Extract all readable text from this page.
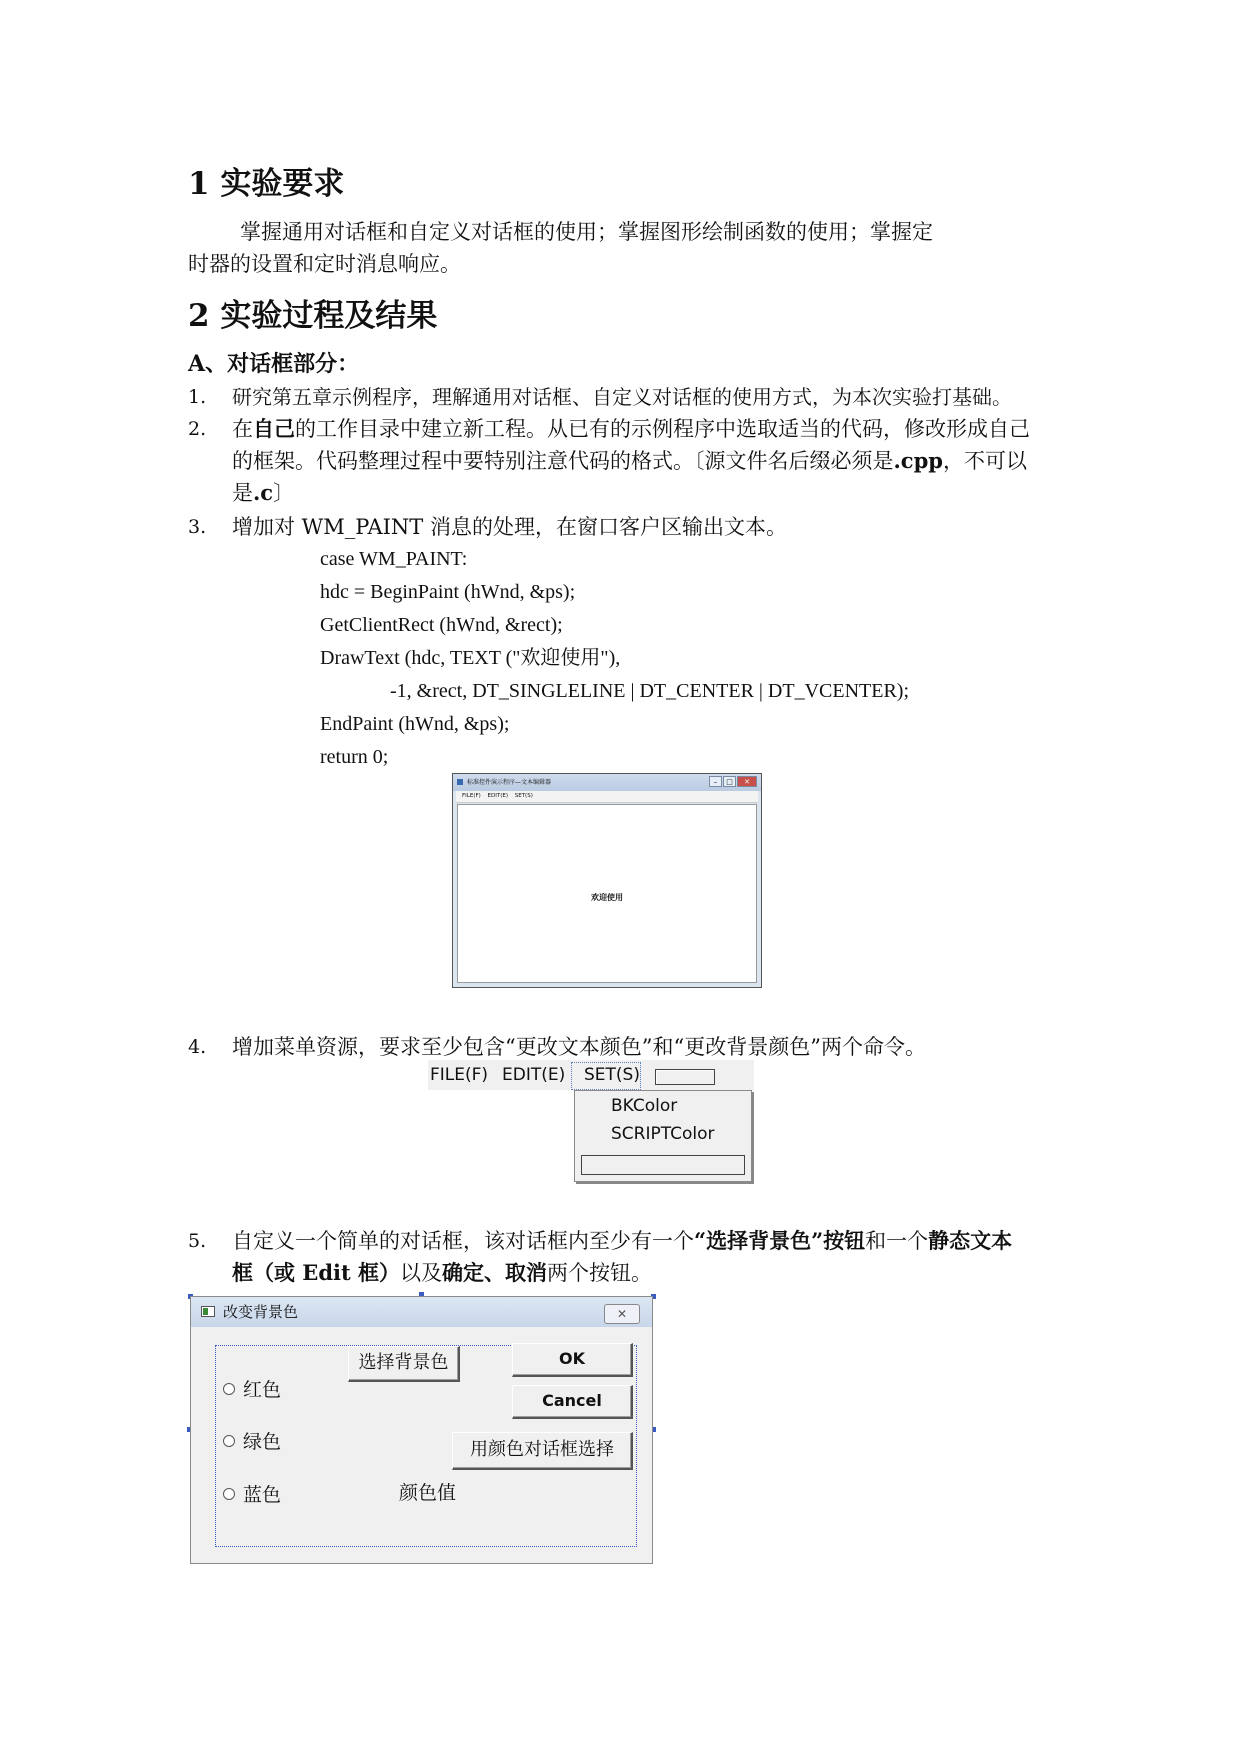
1 实验要求
掌握通用对话框和自定义对话框的使用；掌握图形绘制函数的使用；掌握定
时器的设置和定时消息响应。
2 实验过程及结果
A、对话框部分：
1. 研究第五章示例程序，理解通用对话框、自定义对话框的使用方式，为本次实验打基础。
2. 在自己的工作目录中建立新工程。从已有的示例程序中选取适当的代码，修改形成自己
的框架。代码整理过程中要特别注意代码的格式。〔源文件名后缀必须是.cpp，不可以
是.c〕
3. 增加对 WM_PAINT 消息的处理，在窗口客户区输出文本。
case WM_PAINT:
hdc = BeginPaint (hWnd, &ps);
GetClientRect (hWnd, &rect);
DrawText (hdc, TEXT ("欢迎使用"),
-1, &rect, DT_SINGLELINE | DT_CENTER | DT_VCENTER);
EndPaint (hWnd, &ps);
return 0;
标准控件演示程序—文本编辑器	–	□	✕
FILE(F) EDIT(E) SET(S)
欢迎使用
4. 增加菜单资源，要求至少包含“更改文本颜色”和“更改背景颜色”两个命令。
FILE(F) EDIT(E) SET(S)
BKColor
SCRIPTColor
5. 自定义一个简单的对话框，该对话框内至少有一个“选择背景色”按钮和一个静态文本
框（或 Edit 框）以及确定、取消两个按钮。
改变背景色	✕
红色
绿色
蓝色
选择背景色	OK
Cancel
用颜色对话框选择
颜色值
